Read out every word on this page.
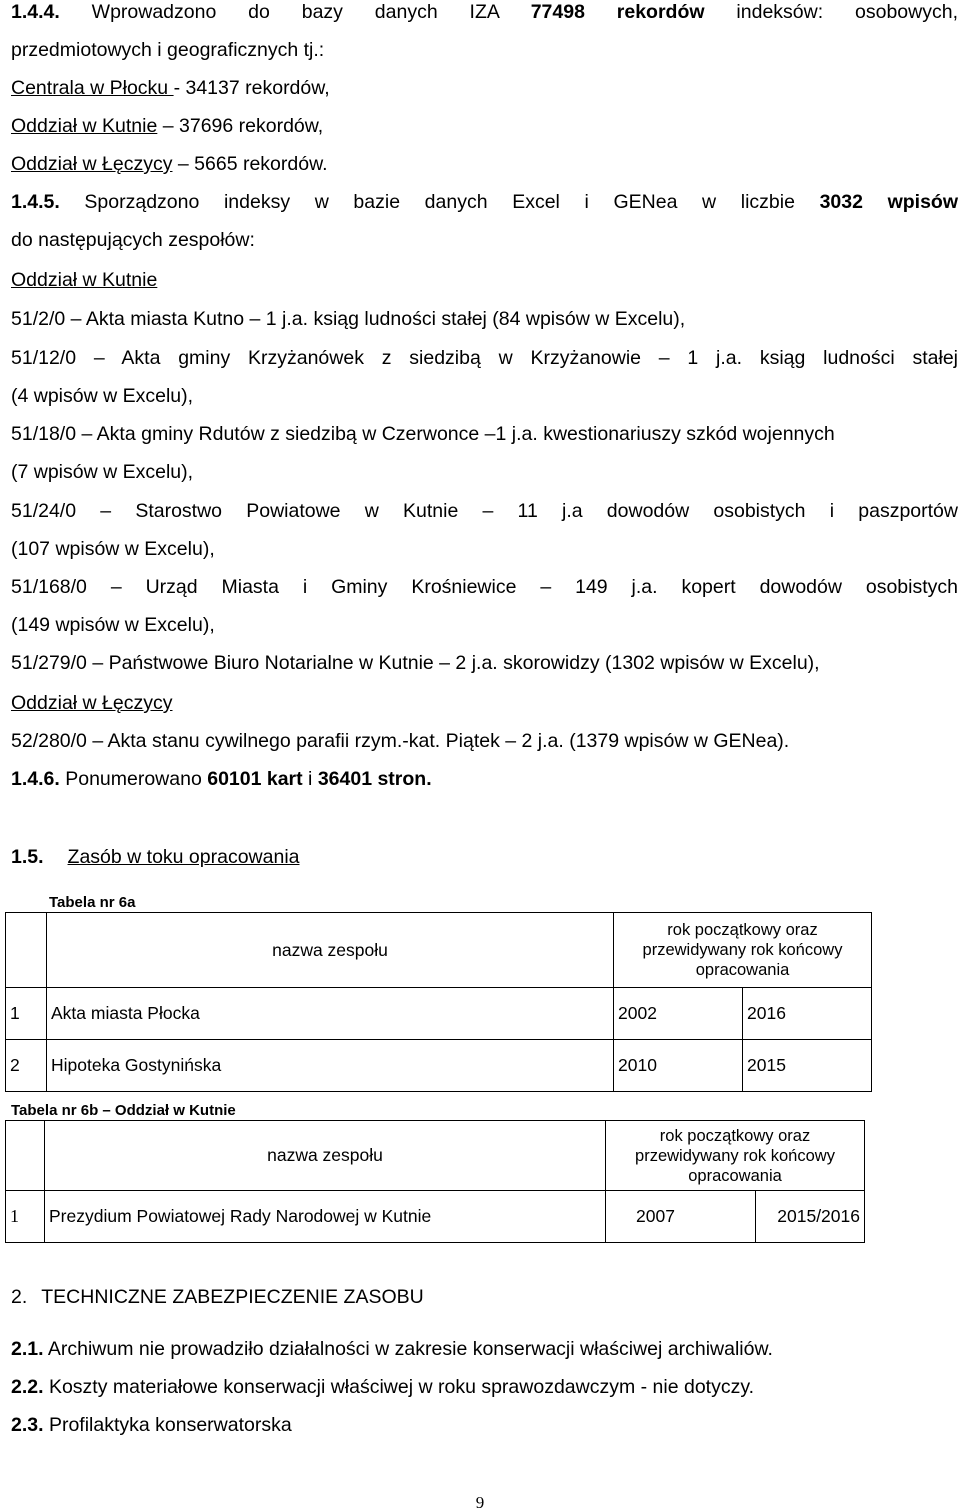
1.4.4. Wprowadzono do bazy danych IZA 77498 rekordów indeksów: osobowych,
przedmiotowych i geograficznych tj.:
Centrala w Płocku - 34137 rekordów,
Oddział w Kutnie – 37696 rekordów,
Oddział w Łęczycy – 5665 rekordów.
1.4.5. Sporządzono indeksy w bazie danych Excel i GENea w liczbie 3032 wpisów
do następujących zespołów:
Oddział w Kutnie
51/2/0 – Akta miasta Kutno – 1 j.a. ksiąg ludności stałej (84 wpisów w Excelu),
51/12/0 – Akta gminy Krzyżanówek z siedzibą w Krzyżanowie – 1 j.a. ksiąg ludności stałej
(4 wpisów w Excelu),
51/18/0 – Akta gminy Rdutów z siedzibą w Czerwonce –1 j.a. kwestionariuszy szkód wojennych
(7 wpisów w Excelu),
51/24/0 – Starostwo Powiatowe w Kutnie – 11 j.a dowodów osobistych i paszportów
(107 wpisów w Excelu),
51/168/0 – Urząd Miasta i Gminy Krośniewice – 149 j.a. kopert dowodów osobistych
(149 wpisów w Excelu),
51/279/0 – Państwowe Biuro Notarialne w Kutnie – 2 j.a. skorowidzy (1302 wpisów w Excelu),
Oddział w Łęczycy
52/280/0 – Akta stanu cywilnego parafii rzym.-kat. Piątek – 2 j.a. (1379 wpisów w GENea).
1.4.6. Ponumerowano 60101 kart i 36401 stron.
1.5. Zasób w toku opracowania
Tabela nr 6a
	nazwa zespołu	rok początkowy oraz przewidywany rok końcowy opracowania	
1	Akta miasta Płocka	2002	2016
2	Hipoteka Gostynińska	2010	2015
Tabela nr 6b – Oddział w Kutnie
	nazwa zespołu	rok początkowy oraz przewidywany rok końcowy opracowania	
1	Prezydium Powiatowej Rady Narodowej w Kutnie	2007	2015/2016
2. TECHNICZNE ZABEZPIECZENIE ZASOBU
2.1. Archiwum nie prowadziło działalności w zakresie konserwacji właściwej archiwaliów.
2.2. Koszty materiałowe konserwacji właściwej w roku sprawozdawczym - nie dotyczy.
2.3. Profilaktyka konserwatorska
9
